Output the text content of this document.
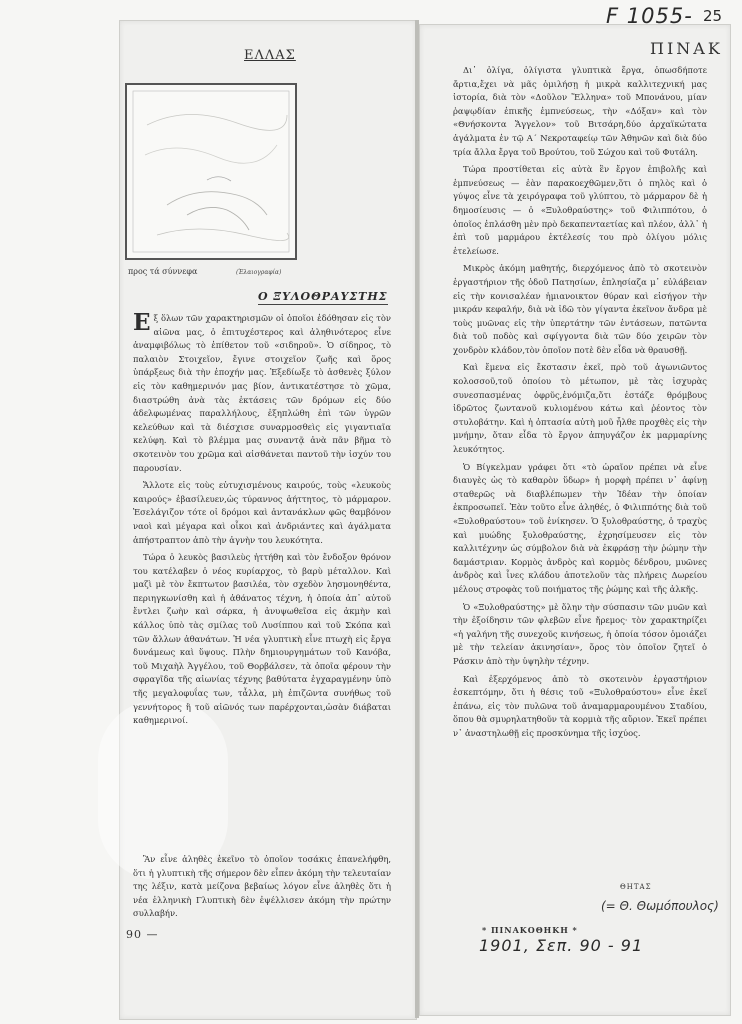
F 1055- 25
ΕΛΛΑΣ	ΠΙΝΑΚ
προς τά σύννεφα	(Ἑλαιογραφία)
Ο ΞΥΛΟΘΡΑΥΣΤΗΣ

Εξ ὅλων τῶν χαρακτηρισμῶν οἱ ὁποῖοι ἐδόθησαν εἰς τὸν αἰῶνα μας, ὁ ἐπιτυχέστερος καὶ ἀληθινότερος εἶνε ἀναμφιβόλως τὸ ἐπίθετον τοῦ «σιδηροῦ». Ὁ σίδηρος, τὸ παλαιὸν Στοιχεῖον, ἔγινε στοιχεῖον ζωῆς καὶ ὅρος ὑπάρξεως διὰ τὴν ἐποχήν μας. Ἐξεδίωξε τὸ ἀσθενὲς ξύλον εἰς τὸν καθημερινόν μας βίον, ἀντικατέστησε τὸ χῶμα, διαστρώθη ἀνὰ τὰς ἐκτάσεις τῶν δρόμων εἰς δύο ἀδελφωμένας παραλλήλους, ἐξηπλώθη ἐπὶ τῶν ὑγρῶν κελεύθων καὶ τὰ διέσχισε συναρμοσθεὶς εἰς γιγαντιαῖα κελύφη. Καὶ τὸ βλέμμα μας συναντᾷ ἀνὰ πᾶν βῆμα τὸ σκοτεινὸν του χρῶμα καὶ αἰσθάνεται παντοῦ τὴν ἰσχύν του παρουσίαν.

Ἄλλοτε εἰς τοὺς εὐτυχισμένους καιρούς, τοὺς «λευκοὺς καιρούς» ἐβασίλευεν,ὡς τύραννος ἀήττητος, τὸ μάρμαρον. Ἐσελάγιζον τότε οἱ δρόμοι καὶ ἀντανάκλων φῶς θαμβόνον ναοὶ καὶ μέγαρα καὶ οἶκοι καὶ ἀνδριάντες καὶ ἀγάλματα ἀπήστραπτον ἀπὸ τὴν ἁγνὴν του λευκότητα.

Τώρα ὁ λευκὸς βασιλεὺς ἡττήθη καὶ τὸν ἔνδοξον θρόνον του κατέλαβεν ὁ νέος κυρίαρχος, τὸ βαρὺ μέταλλον. Καὶ μαζὶ μὲ τὸν ἔκπτωτον βασιλέα, τὸν σχεδὸν λησμονηθέντα, περιηγκωνίσθη καὶ ἡ ἀθάνατος τέχνη, ἡ ὁποία ἀπ᾽ αὐτοῦ ἔντλει ζωὴν καὶ σάρκα, ἡ ἀνυψωθεῖσα εἰς ἀκμὴν καὶ κάλλος ὑπὸ τὰς σμίλας τοῦ Λυσίππου καὶ τοῦ Σκόπα καὶ τῶν ἄλλων ἀθανάτων. Ἡ νέα γλυπτικὴ εἶνε πτωχὴ εἰς ἔργα δυνάμεως καὶ ὕψους. Πλὴν δημιουργημάτων τοῦ Κανόβα, τοῦ Μιχαὴλ Ἀγγέλου, τοῦ Θορβάλσεν, τὰ ὁποῖα φέρουν τὴν σφραγῖδα τῆς αἰωνίας τέχνης βαθύτατα ἐγχαραγμένην ὑπὸ τῆς μεγαλοφυΐας των, τἆλλα, μὴ ἐπιζῶντα συνήθως τοῦ γεννήτορος ἢ τοῦ αἰῶνός των παρέρχονται,ὡσὰν διάβαται καθημερινοί.

Ἂν εἶνε ἀληθὲς ἐκεῖνο τὸ ὁποῖον τοσάκις ἐπανελήφθη, ὅτι ἡ γλυπτικὴ τῆς σήμερον δὲν εἶπεν ἀκόμη τὴν τελευταίαν της λέξιν, κατὰ μείζονα βεβαίως λόγον εἶνε ἀληθὲς ὅτι ἡ νέα ἑλληνικὴ Γλυπτικὴ δὲν ἐψέλλισεν ἀκόμη τὴν πρώτην συλλαβήν.

90 —

Δι᾽ ὀλίγα, ὀλίγιστα γλυπτικὰ ἔργα, ὁπωσδήποτε ἄρτια,ἔχει νὰ μᾶς ὁμιλήσῃ ἡ μικρὰ καλλιτεχνική μας ἱστορία, διὰ τὸν «Δοῦλον Ἕλληνα» τοῦ Μπονάνου, μίαν ῥαψῳδίαν ἐπικῆς ἐμπνεύσεως, τὴν «Δόξαν» καὶ τὸν «Θνήσκοντα Ἄγγελον» τοῦ Βιτσάρη,δύο ἀρχαϊκώτατα ἀγάλματα ἐν τῷ Α΄ Νεκροταφείῳ τῶν Ἀθηνῶν καὶ διὰ δύο τρία ἄλλα ἔργα τοῦ Βρούτου, τοῦ Σώχου καὶ τοῦ Φυτάλη.

Τώρα προστίθεται εἰς αὐτὰ ἓν ἔργον ἐπιβολῆς καὶ ἐμπνεύσεως — ἐὰν παρακοεχθῶμεν,ὅτι ὁ πηλὸς καὶ ὁ γύψος εἶνε τὰ χειρόγραφα τοῦ γλύπτου, τὸ μάρμαρον δὲ ἡ δημοσίευσις — ὁ «Ξυλοθραύστης» τοῦ Φιλιππότου, ὁ ὁποῖος ἐπλάσθη μὲν πρὸ δεκαπενταετίας καὶ πλέον, ἀλλ᾽ ἡ ἐπὶ τοῦ μαρμάρου ἐκτέλεσίς του πρὸ ὀλίγου μόλις ἐτελείωσε.

Μικρὸς ἀκόμη μαθητής, διερχόμενος ἀπὸ τὸ σκοτεινὸν ἐργαστήριον τῆς ὁδοῦ Πατησίων, ἐπλησίαζα μ᾽ εὐλάβειαν εἰς τὴν κονισαλέαν ἡμιανοικτον θύραν καὶ εἰσήγον τὴν μικράν κεφαλήν, διὰ νὰ ἰδῶ τὸν γίγαντα ἐκεῖνον ἄνδρα μὲ τοὺς μυῶνας εἰς τὴν ὑπερτάτην τῶν ἐντάσεων, πατῶντα διὰ τοῦ ποδὸς καὶ σφίγγοντα διὰ τῶν δύο χειρῶν τὸν χονδρὸν κλάδον,τὸν ὁποῖον ποτὲ δὲν εἶδα νὰ θραυσθῇ.

Καὶ ἔμενα εἰς ἔκστασιν ἐκεῖ, πρὸ τοῦ ἀγωνιῶντος κολοσσοῦ,τοῦ ὁποίου τὸ μέτωπον, μὲ τὰς ἰσχυρὰς συνεσπασμένας ὀφρῦς,ἐνόμιζα,ὅτι ἐστάζε θρόμβους ἱδρῶτος ζωντανοῦ κυλιομένου κάτω καὶ ῥέοντος τὸν στυλοβάτην. Καὶ ἡ ὀπτασία αὐτὴ μοῦ ἦλθε προχθὲς εἰς τὴν μνήμην, ὅταν εἶδα τὸ ἔργον ἀπηυγάζον ἐκ μαρμαρίνης λευκότητος.

Ὁ Βίγκελμαν γράφει ὅτι «τὸ ὡραῖον πρέπει νὰ εἶνε διαυγὲς ὡς τὸ καθαρὸν ὕδωρ» ἡ μορφὴ πρέπει ν᾽ ἀφίνῃ σταθερῶς νὰ διαβλέπωμεν τὴν Ἰδέαν τὴν ὁποίαν ἐκπροσωπεῖ. Ἐὰν τοῦτο εἶνε ἀληθές, ὁ Φιλιππότης διὰ τοῦ «Ξυλοθραύστου» τοῦ ἐνίκησεν. Ὁ ξυλοθραύστης, ὁ τραχὺς καὶ μυώδης ξυλοθραύστης, ἐχρησίμευσεν εἰς τὸν καλλιτέχνην ὡς σύμβολον διὰ νὰ ἐκφράσῃ τὴν ῥώμην τὴν δαμάστριαν. Κορμὸς ἀνδρὸς καὶ κορμὸς δένδρου, μυῶνες ἀνδρὸς καὶ ἶνες κλάδου ἀποτελοῦν τὰς πλήρεις Δωρείου μέλους στροφὰς τοῦ ποιήματος τῆς ῥώμης καὶ τῆς ἀλκῆς.

Ὁ «Ξυλοθραύστης» μὲ ὅλην τὴν σύσπασιν τῶν μυῶν καὶ τὴν ἐξοίδησιν τῶν φλεβῶν εἶνε ἤρεμος· τὸν χαρακτηρίζει «ἡ γαλήνη τῆς συνεχοῦς κινήσεως, ἡ ὁποία τόσον ὁμοιάζει μὲ τὴν τελείαν ἀκινησίαν», ὅρος τὸν ὁποῖον ζητεῖ ὁ Ράσκιν ἀπὸ τὴν ὑψηλὴν τέχνην.

Καὶ ἐξερχόμενος ἀπὸ τὸ σκοτεινὸν ἐργαστήριον ἐσκεπτόμην, ὅτι ἡ θέσις τοῦ «Ξυλοθραύστου» εἶνε ἐκεῖ ἐπάνω, εἰς τὸν πυλῶνα τοῦ ἀναμαρμαρουμένου Σταδίου, ὅπου θὰ σμυρηλατηθοῦν τὰ κορμιὰ τῆς αὔριον. Ἐκεῖ πρέπει ν᾽ ἀναστηλωθῇ εἰς προσκύνημα τῆς ἰσχύος.

ΘΗΤΑΣ
(= Θ. Θωμόπουλος)
* ΠΙΝΑΚΟΘΗΚΗ *
1901, Σεπ. 90 - 91
